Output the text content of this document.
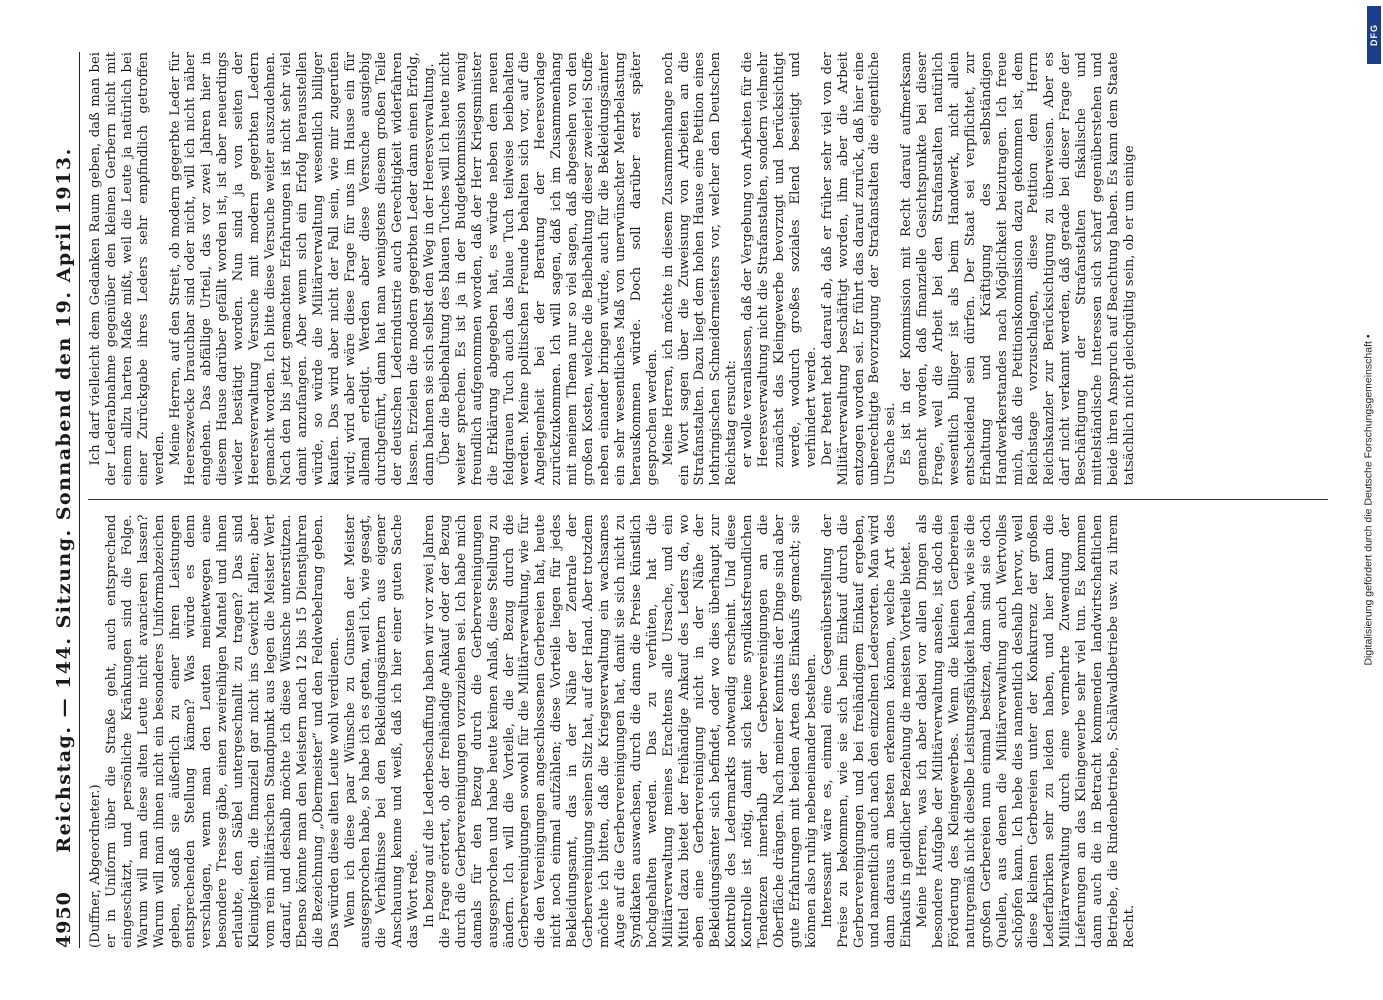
4950
Reichstag. — 144. Sitzung. Sonnabend den 19. April 1913.

(Duffner, Abgeordneter.) er in Uniform über die Straße geht, auch entsprechend eingeschätzt, und persönliche Kränkungen sind die Folge. Warum will man diese alten Leute nicht avancieren lassen? Warum will man ihnen nicht ein besonderes Uniformabzeichen geben, sodaß sie äußerlich zu einer ihren Leistungen entsprechenden Stellung kämen? Was würde es denn verschlagen, wenn man den Leuten meinetwegen eine besondere Tresse gäbe, einen zweireihigen Mantel und ihnen erlaubte, den Säbel untergeschnallt zu tragen? Das sind Kleinigkeiten, die finanziell gar nicht ins Gewicht fallen; aber vom rein militärischen Standpunkt aus legen die Meister Wert darauf, und deshalb möchte ich diese Wünsche unterstützen. Ebenso könnte man den Meistern nach 12 bis 15 Dienstjahren die Bezeichnung „Obermeister“ und den Feldwebelrang geben. Das würden diese alten Leute wohl verdienen. Wenn ich diese paar Wünsche zu Gunsten der Meister ausgesprochen habe, so habe ich es getan, weil ich, wie gesagt, die Verhältnisse bei den Bekleidungsämtern aus eigener Anschauung kenne und weiß, daß ich hier einer guten Sache das Wort rede. In bezug auf die Lederbeschaffung haben wir vor zwei Jahren die Frage erörtert, ob der freihändige Ankauf oder der Bezug durch die Gerbervereinigungen vorzuziehen sei. Ich habe mich damals für den Bezug durch die Gerbervereinigungen ausgesprochen und habe heute keinen Anlaß, diese Stellung zu ändern. Ich will die Vorteile, die der Bezug durch die Gerbervereinigungen sowohl für die Militärverwaltung, wie für die den Vereinigungen angeschlossenen Gerbereien hat, heute nicht noch einmal aufzählen; diese Vorteile liegen für jedes Bekleidungsamt, das in der Nähe der Zentrale der Gerbervereinigung seinen Sitz hat, auf der Hand. Aber trotzdem möchte ich bitten, daß die Kriegsverwaltung ein wachsames Auge auf die Gerbervereinigungen hat, damit sie sich nicht zu Syndikaten auswachsen, durch die dann die Preise künstlich hochgehalten werden. Das zu verhüten, hat die Militärverwaltung meines Erachtens alle Ursache, und ein Mittel dazu bietet der freihändige Ankauf des Leders da, wo eben eine Gerbervereinigung nicht in der Nähe der Bekleidungsämter sich befindet, oder wo dies überhaupt zur Kontrolle des Ledermarkts notwendig erscheint. Und diese Kontrolle ist nötig, damit sich keine syndikatsfreundlichen Tendenzen innerhalb der Gerbervereinigungen an die Oberfläche drängen. Nach meiner Kenntnis der Dinge sind aber gute Erfahrungen mit beiden Arten des Einkaufs gemacht; sie können also ruhig nebeneinander bestehen. Interessant wäre es, einmal eine Gegenüberstellung der Preise zu bekommen, wie sie sich beim Einkauf durch die Gerbervereinigungen und bei freihändigem Einkauf ergeben, und namentlich auch nach den einzelnen Ledersorten. Man wird dann daraus am besten erkennen können, welche Art des Einkaufs in geldlicher Beziehung die meisten Vorteile bietet. Meine Herren, was ich aber dabei vor allen Dingen als besondere Aufgabe der Militärverwaltung ansehe, ist doch die Förderung des Kleingewerbes. Wenn die kleinen Gerbereien naturgemäß nicht dieselbe Leistungsfähigkeit haben, wie sie die großen Gerbereien nun einmal besitzen, dann sind sie doch Quellen, aus denen die Militärverwaltung auch Wertvolles schöpfen kann. Ich hebe dies namentlich deshalb hervor, weil diese kleinen Gerbereien unter der Konkurrenz der großen Lederfabriken sehr zu leiden haben, und hier kann die Militärverwaltung durch eine vermehrte Zuwendung der Lieferungen an das Kleingewerbe sehr viel tun. Es kommen dann auch die in Betracht kommenden landwirtschaftlichen Betriebe, die Rindenbetriebe, Schälwaldbetriebe usw. zu ihrem Recht.

Ich darf vielleicht dem Gedanken Raum geben, daß man bei der Lederabnahme gegenüber den kleinen Gerbern nicht mit einem allzu harten Maße mißt, weil die Leute ja natürlich bei einer Zurückgabe ihres Leders sehr empfindlich getroffen werden. Meine Herren, auf den Streit, ob modern gegerbte Leder für Heereszwecke brauchbar sind oder nicht, will ich nicht näher eingehen. Das abfällige Urteil, das vor zwei Jahren hier in diesem Hause darüber gefällt worden ist, ist aber neuerdings wieder bestätigt worden. Nun sind ja von seiten der Heeresverwaltung Versuche mit modern gegerbten Ledern gemacht worden. Ich bitte diese Versuche weiter auszudehnen. Nach den bis jetzt gemachten Erfahrungen ist nicht sehr viel damit anzufangen. Aber wenn sich ein Erfolg herausstellen würde, so würde die Militärverwaltung wesentlich billiger kaufen. Das wird aber nicht der Fall sein, wie mir zugerufen wird; wird aber wäre diese Frage für uns im Hause ein für allemal erledigt. Werden aber diese Versuche ausgiebig durchgeführt, dann hat man wenigstens diesem großen Teile der deutschen Lederindustrie auch Gerechtigkeit widerfahren lassen. Erzielen die modern gegerbten Leder dann einen Erfolg, dann bahnen sie sich selbst den Weg in der Heeresverwaltung. Über die Beibehaltung des blauen Tuches will ich heute nicht weiter sprechen. Es ist ja in der Budgetkommission wenig freundlich aufgenommen worden, daß der Herr Kriegsminister die Erklärung abgegeben hat, es würde neben dem neuen feldgrauen Tuch auch das blaue Tuch teilweise beibehalten werden. Meine politischen Freunde behalten sich vor, auf die Angelegenheit bei der Beratung der Heeresvorlage zurückzukommen. Ich will sagen, daß ich im Zusammenhang mit meinem Thema nur so viel sagen, daß abgesehen von den großen Kosten, welche die Beibehaltung dieser zweierlei Stoffe neben einander bringen würde, auch für die Bekleidungsämter ein sehr wesentliches Maß von unerwünschter Mehrbelastung herauskommen würde. Doch soll darüber erst später gesprochen werden. Meine Herren, ich möchte in diesem Zusammenhange noch ein Wort sagen über die Zuweisung von Arbeiten an die Strafanstalten. Dazu liegt dem hohen Hause eine Petition eines lothringischen Schneidermeisters vor, welcher den Deutschen Reichstag ersucht: er wolle veranlassen, daß der Vergebung von Arbeiten für die Heeresverwaltung nicht die Strafanstalten, sondern vielmehr zunächst das Kleingewerbe bevorzugt und berücksichtigt werde, wodurch großes soziales Elend beseitigt und verhindert werde. Der Petent hebt darauf ab, daß er früher sehr viel von der Militärverwaltung beschäftigt worden, ihm aber die Arbeit entzogen worden sei. Er führt das darauf zurück, daß hier eine unberechtigte Bevorzugung der Strafanstalten die eigentliche Ursache sei. Es ist in der Kommission mit Recht darauf aufmerksam gemacht worden, daß finanzielle Gesichtspunkte bei dieser Frage, weil die Arbeit bei den Strafanstalten natürlich wesentlich billiger ist als beim Handwerk, nicht allein entscheidend sein dürfen. Der Staat sei verpflichtet, zur Erhaltung und Kräftigung des selbständigen Handwerkerstandes nach Möglichkeit beizutragen. Ich freue mich, daß die Petitionskommission dazu gekommen ist, dem Reichstage vorzuschlagen, diese Petition dem Herrn Reichskanzler zur Berücksichtigung zu überweisen. Aber es darf nicht verkannt werden, daß gerade bei dieser Frage der Beschäftigung der Strafanstalten fiskalische und mittelständische Interessen sich scharf gegenüberstehen und beide ihren Anspruch auf Beachtung haben. Es kann dem Staate tatsächlich nicht gleichgültig sein, ob er um einige

Digitalisierung gefördert durch die Deutsche Forschungsgemeinschaft •
DFG
